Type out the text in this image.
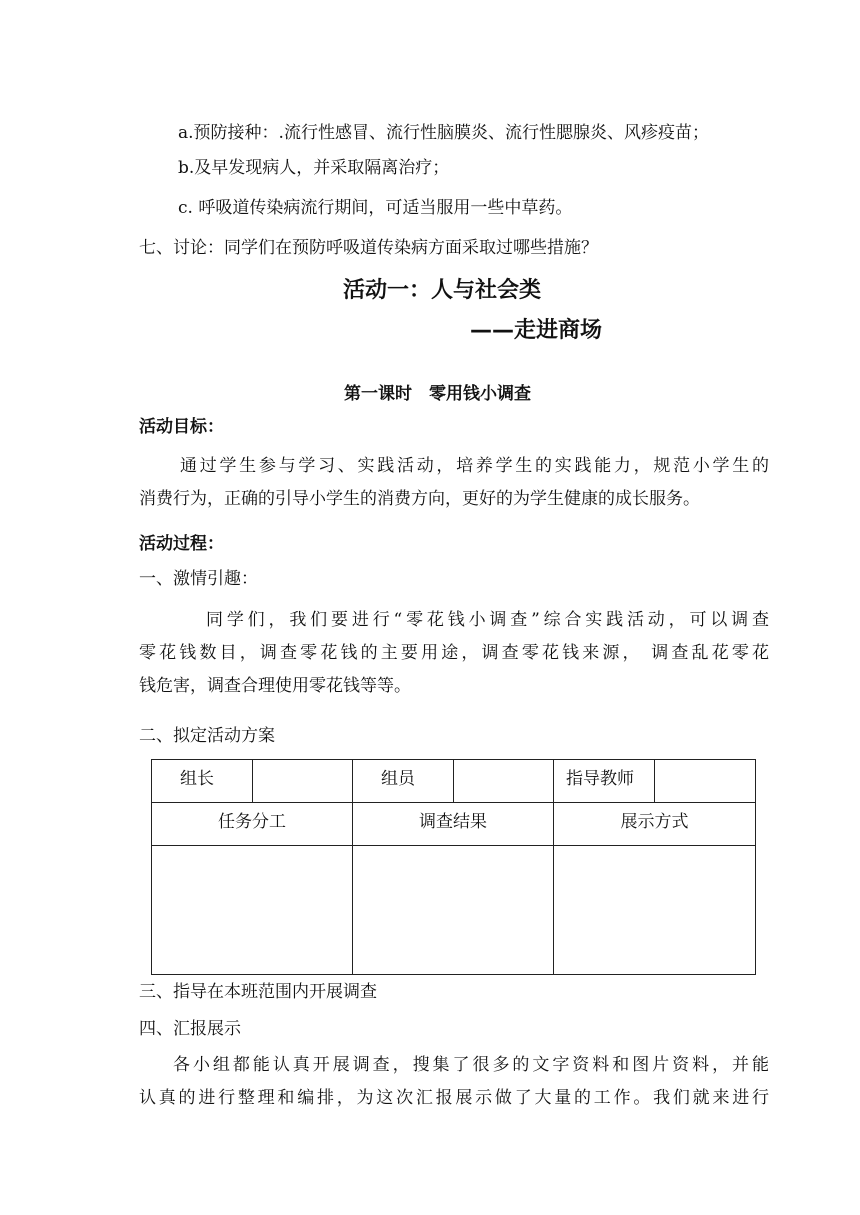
a.预防接种：.流行性感冒、流行性脑膜炎、流行性腮腺炎、风疹疫苗；
b.及早发现病人，并采取隔离治疗；
c. 呼吸道传染病流行期间，可适当服用一些中草药。
七、讨论：同学们在预防呼吸道传染病方面采取过哪些措施？
活动一：人与社会类
——走进商场
第一课时　零用钱小调查
活动目标：
通过学生参与学习、实践活动，培养学生的实践能力，规范小学生的
消费行为，正确的引导小学生的消费方向，更好的为学生健康的成长服务。
活动过程：
一、激情引趣：
同学们，我们要进行“零花钱小调查”综合实践活动，可以调查
零花钱数目，调查零花钱的主要用途，调查零花钱来源， 调查乱花零花
钱危害，调查合理使用零花钱等等。
二、拟定活动方案
组长		组员		指导教师	
任务分工		调查结果		展示方式	

三、指导在本班范围内开展调查
四、汇报展示
各小组都能认真开展调查，搜集了很多的文字资料和图片资料，并能
认真的进行整理和编排，为这次汇报展示做了大量的工作。我们就来进行
